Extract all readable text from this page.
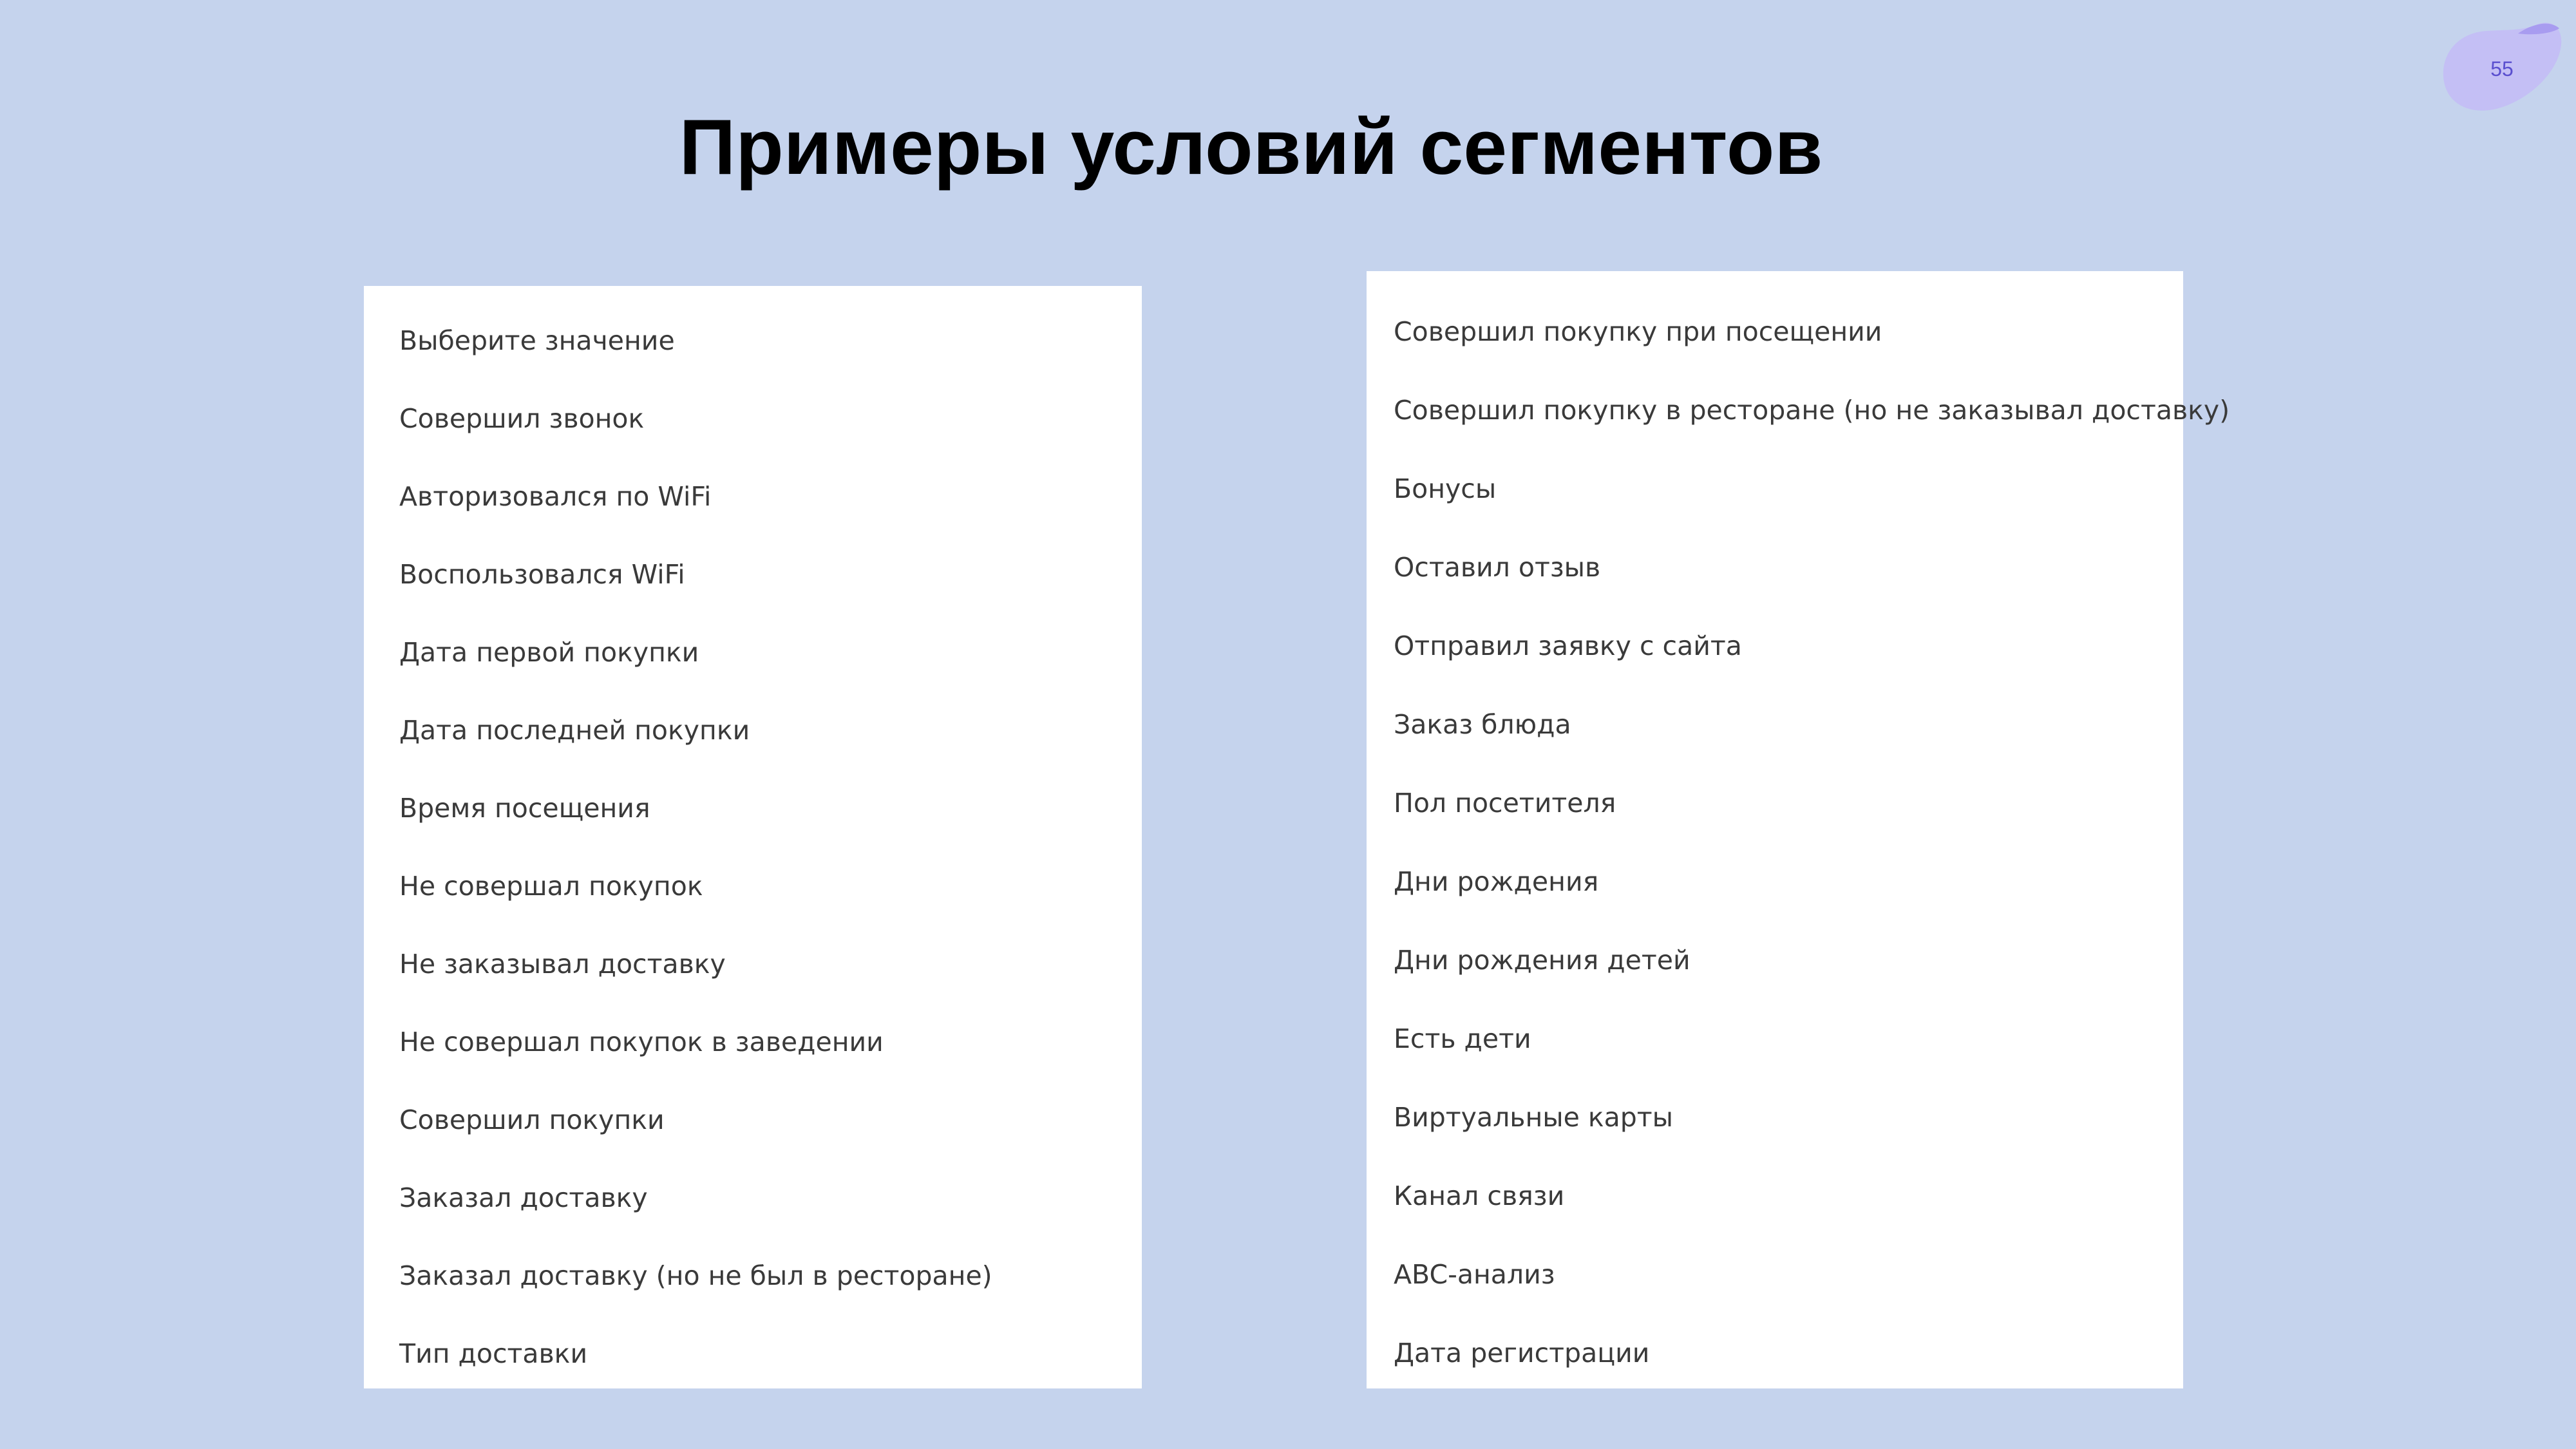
Примеры условий сегментов
55
Выберите значение
Совершил звонок
Авторизовался по WiFi
Воспользовался WiFi
Дата первой покупки
Дата последней покупки
Время посещения
Не совершал покупок
Не заказывал доставку
Не совершал покупок в заведении
Совершил покупки
Заказал доставку
Заказал доставку (но не был в ресторане)
Тип доставки
Совершил покупку при посещении
Совершил покупку в ресторане (но не заказывал доставку)
Бонусы
Оставил отзыв
Отправил заявку с сайта
Заказ блюда
Пол посетителя
Дни рождения
Дни рождения детей
Есть дети
Виртуальные карты
Канал связи
ABC-анализ
Дата регистрации
